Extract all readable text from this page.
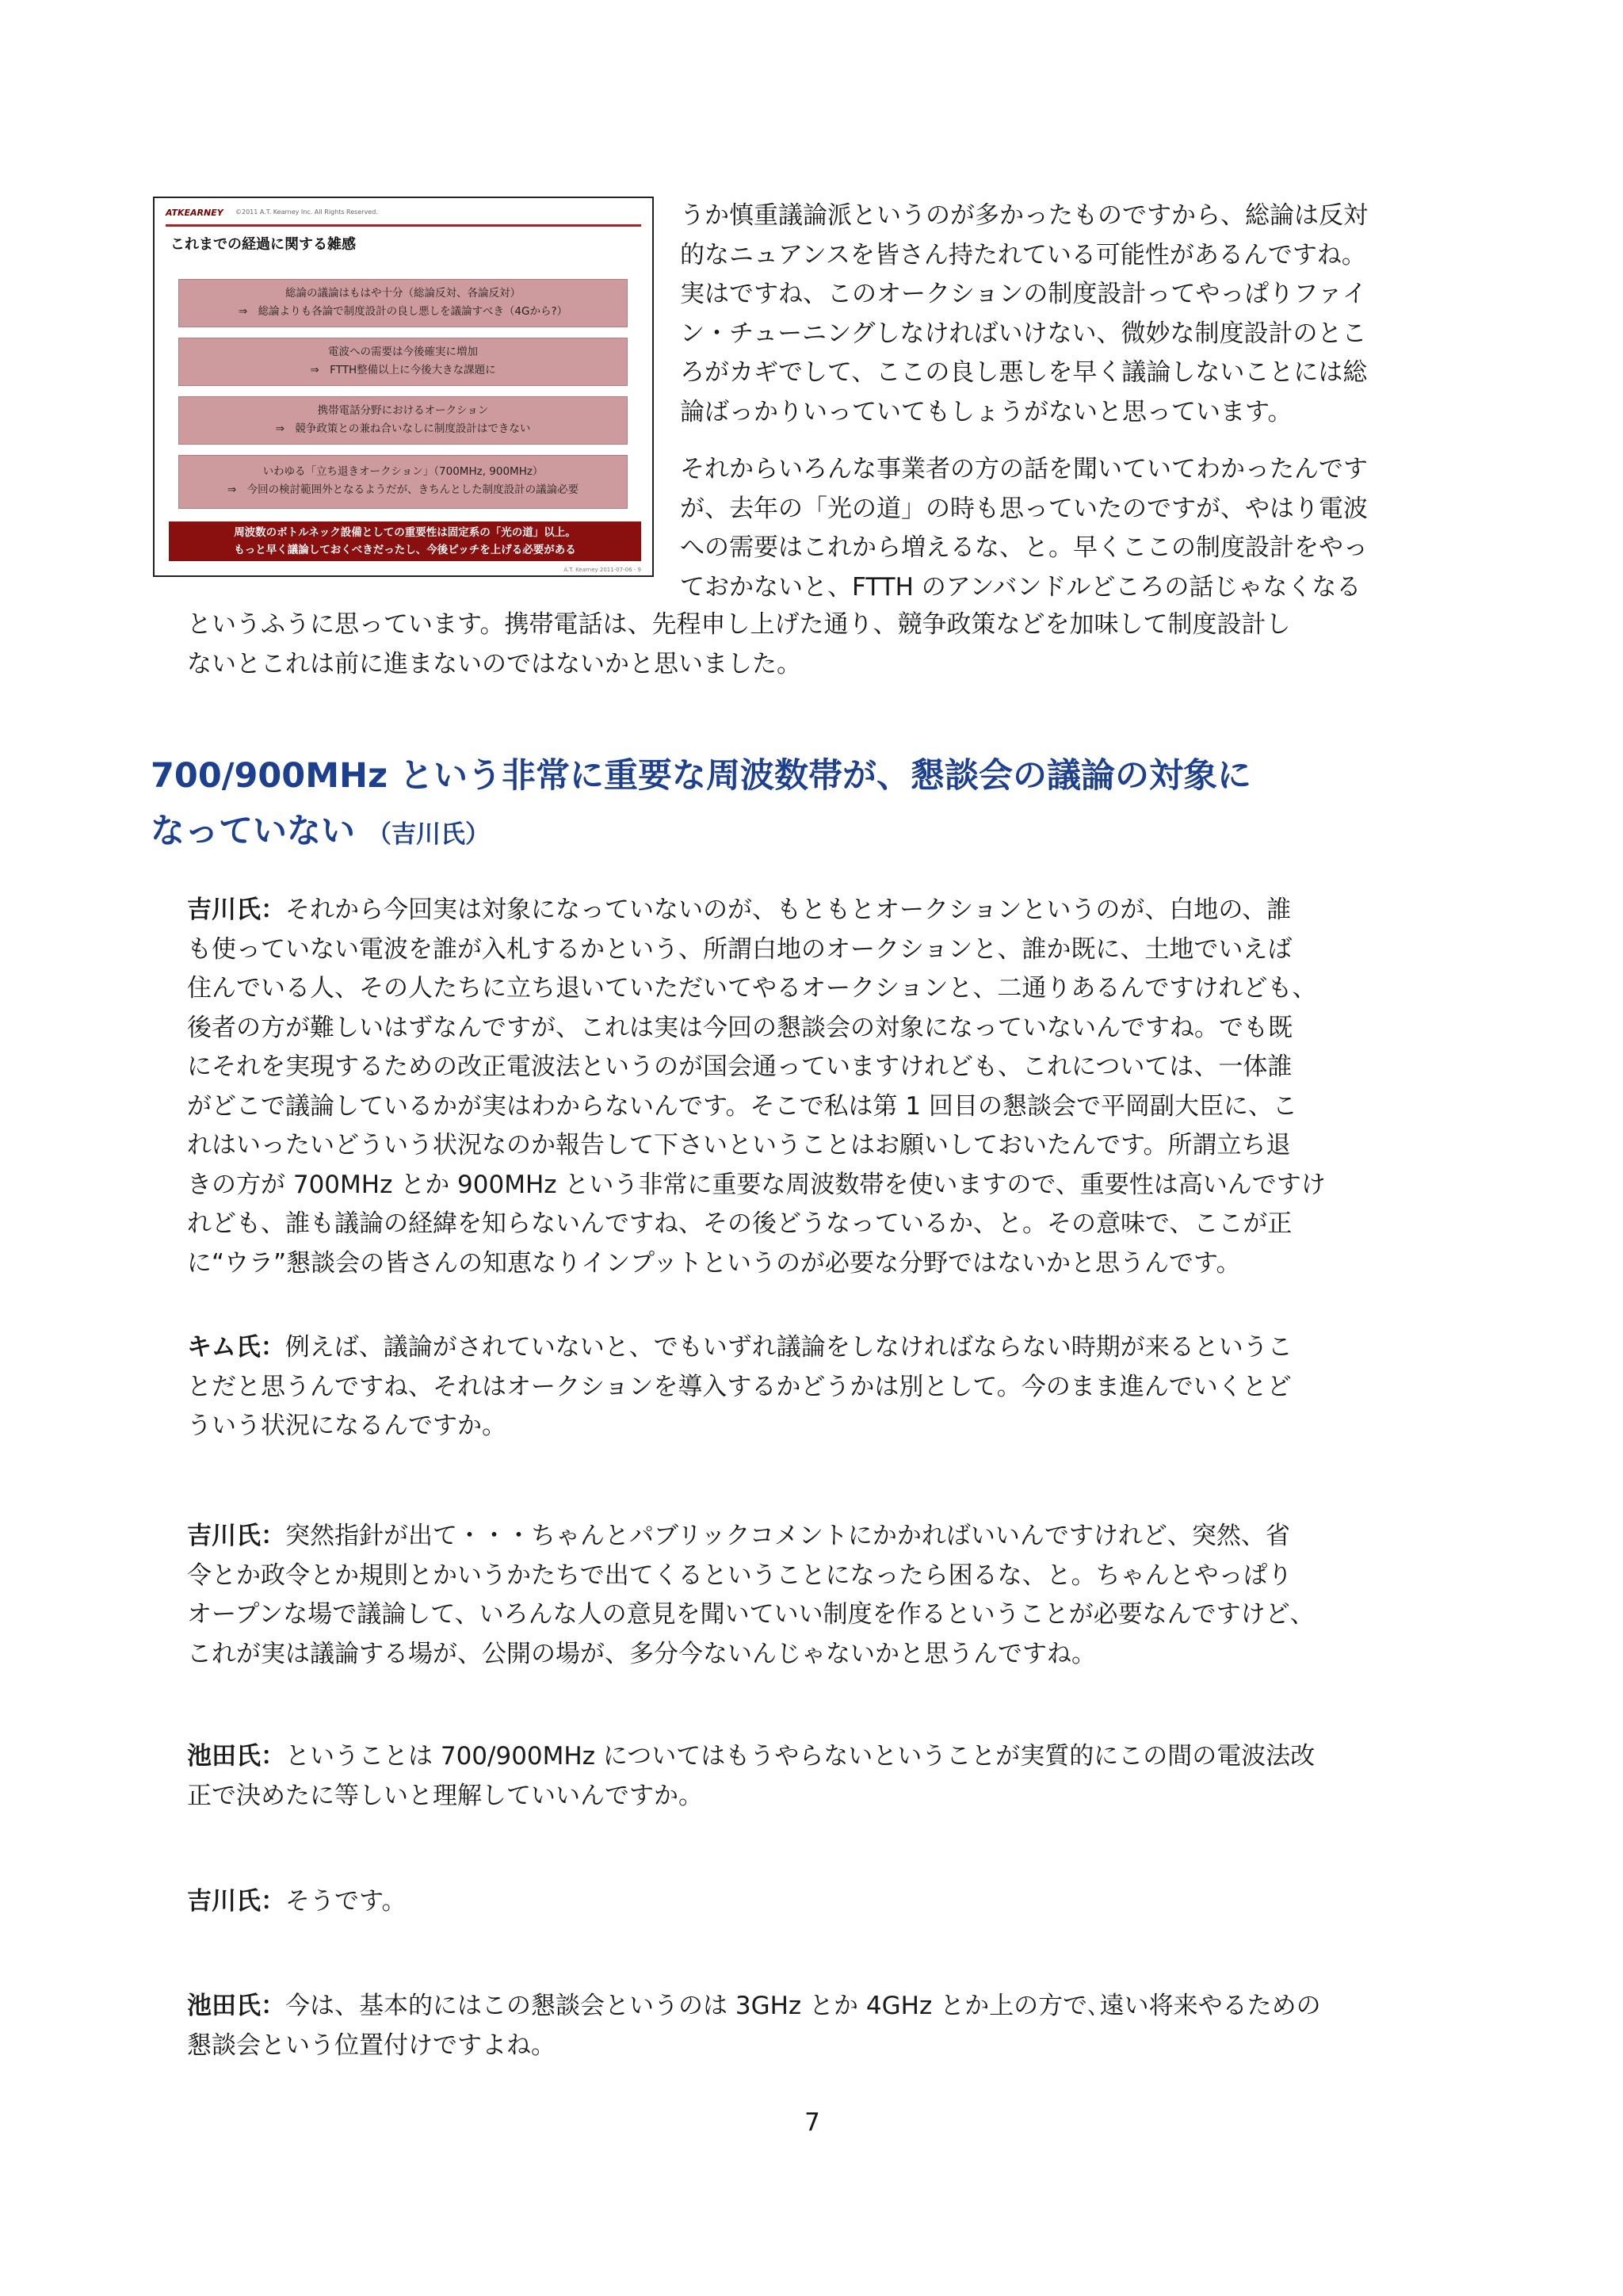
ATKEARNEY ©2011 A.T. Kearney Inc. All Rights Reserved.
これまでの経過に関する雑感
総論の議論はもはや十分（総論反対、各論反対）
⇒　総論よりも各論で制度設計の良し悪しを議論すべき（4Gから?）
電波への需要は今後確実に増加
⇒　FTTH整備以上に今後大きな課題に
携帯電話分野におけるオークション
⇒　競争政策との兼ね合いなしに制度設計はできない
いわゆる「立ち退きオークション」（700MHz, 900MHz）
⇒　今回の検討範囲外となるようだが、きちんとした制度設計の議論必要
周波数のボトルネック設備としての重要性は固定系の「光の道」以上。
もっと早く議論しておくべきだったし、今後ピッチを上げる必要がある
A.T. Kearney 2011-07-06 - 9
うか慎重議論派というのが多かったものですから、総論は反対
的なニュアンスを皆さん持たれている可能性があるんですね。
実はですね、このオークションの制度設計ってやっぱりファイ
ン・チューニングしなければいけない、微妙な制度設計のとこ
ろがカギでして、ここの良し悪しを早く議論しないことには総
論ばっかりいっていてもしょうがないと思っています。
それからいろんな事業者の方の話を聞いていてわかったんです
が、去年の「光の道」の時も思っていたのですが、やはり電波
への需要はこれから増えるな、と。早くここの制度設計をやっ
ておかないと、FTTH のアンバンドルどころの話じゃなくなる
というふうに思っています。携帯電話は、先程申し上げた通り、競争政策などを加味して制度設計し
ないとこれは前に進まないのではないかと思いました。
700/900MHz という非常に重要な周波数帯が、懇談会の議論の対象に
なっていない （吉川氏）
吉川氏：それから今回実は対象になっていないのが、もともとオークションというのが、白地の、誰
も使っていない電波を誰が入札するかという、所謂白地のオークションと、誰か既に、土地でいえば
住んでいる人、その人たちに立ち退いていただいてやるオークションと、二通りあるんですけれども、
後者の方が難しいはずなんですが、これは実は今回の懇談会の対象になっていないんですね。でも既
にそれを実現するための改正電波法というのが国会通っていますけれども、これについては、一体誰
がどこで議論しているかが実はわからないんです。そこで私は第 1 回目の懇談会で平岡副大臣に、こ
れはいったいどういう状況なのか報告して下さいということはお願いしておいたんです。所謂立ち退
きの方が 700MHz とか 900MHz という非常に重要な周波数帯を使いますので、重要性は高いんですけ
れども、誰も議論の経緯を知らないんですね、その後どうなっているか、と。その意味で、ここが正
に“ウラ”懇談会の皆さんの知恵なりインプットというのが必要な分野ではないかと思うんです。
キム氏：例えば、議論がされていないと、でもいずれ議論をしなければならない時期が来るというこ
とだと思うんですね、それはオークションを導入するかどうかは別として。今のまま進んでいくとど
ういう状況になるんですか。
吉川氏：突然指針が出て・・・ちゃんとパブリックコメントにかかればいいんですけれど、突然、省
令とか政令とか規則とかいうかたちで出てくるということになったら困るな、と。ちゃんとやっぱり
オープンな場で議論して、いろんな人の意見を聞いていい制度を作るということが必要なんですけど、
これが実は議論する場が、公開の場が、多分今ないんじゃないかと思うんですね。
池田氏：ということは 700/900MHz についてはもうやらないということが実質的にこの間の電波法改
正で決めたに等しいと理解していいんですか。
吉川氏：そうです。
池田氏：今は、基本的にはこの懇談会というのは 3GHz とか 4GHz とか上の方で､遠い将来やるための
懇談会という位置付けですよね。
7
